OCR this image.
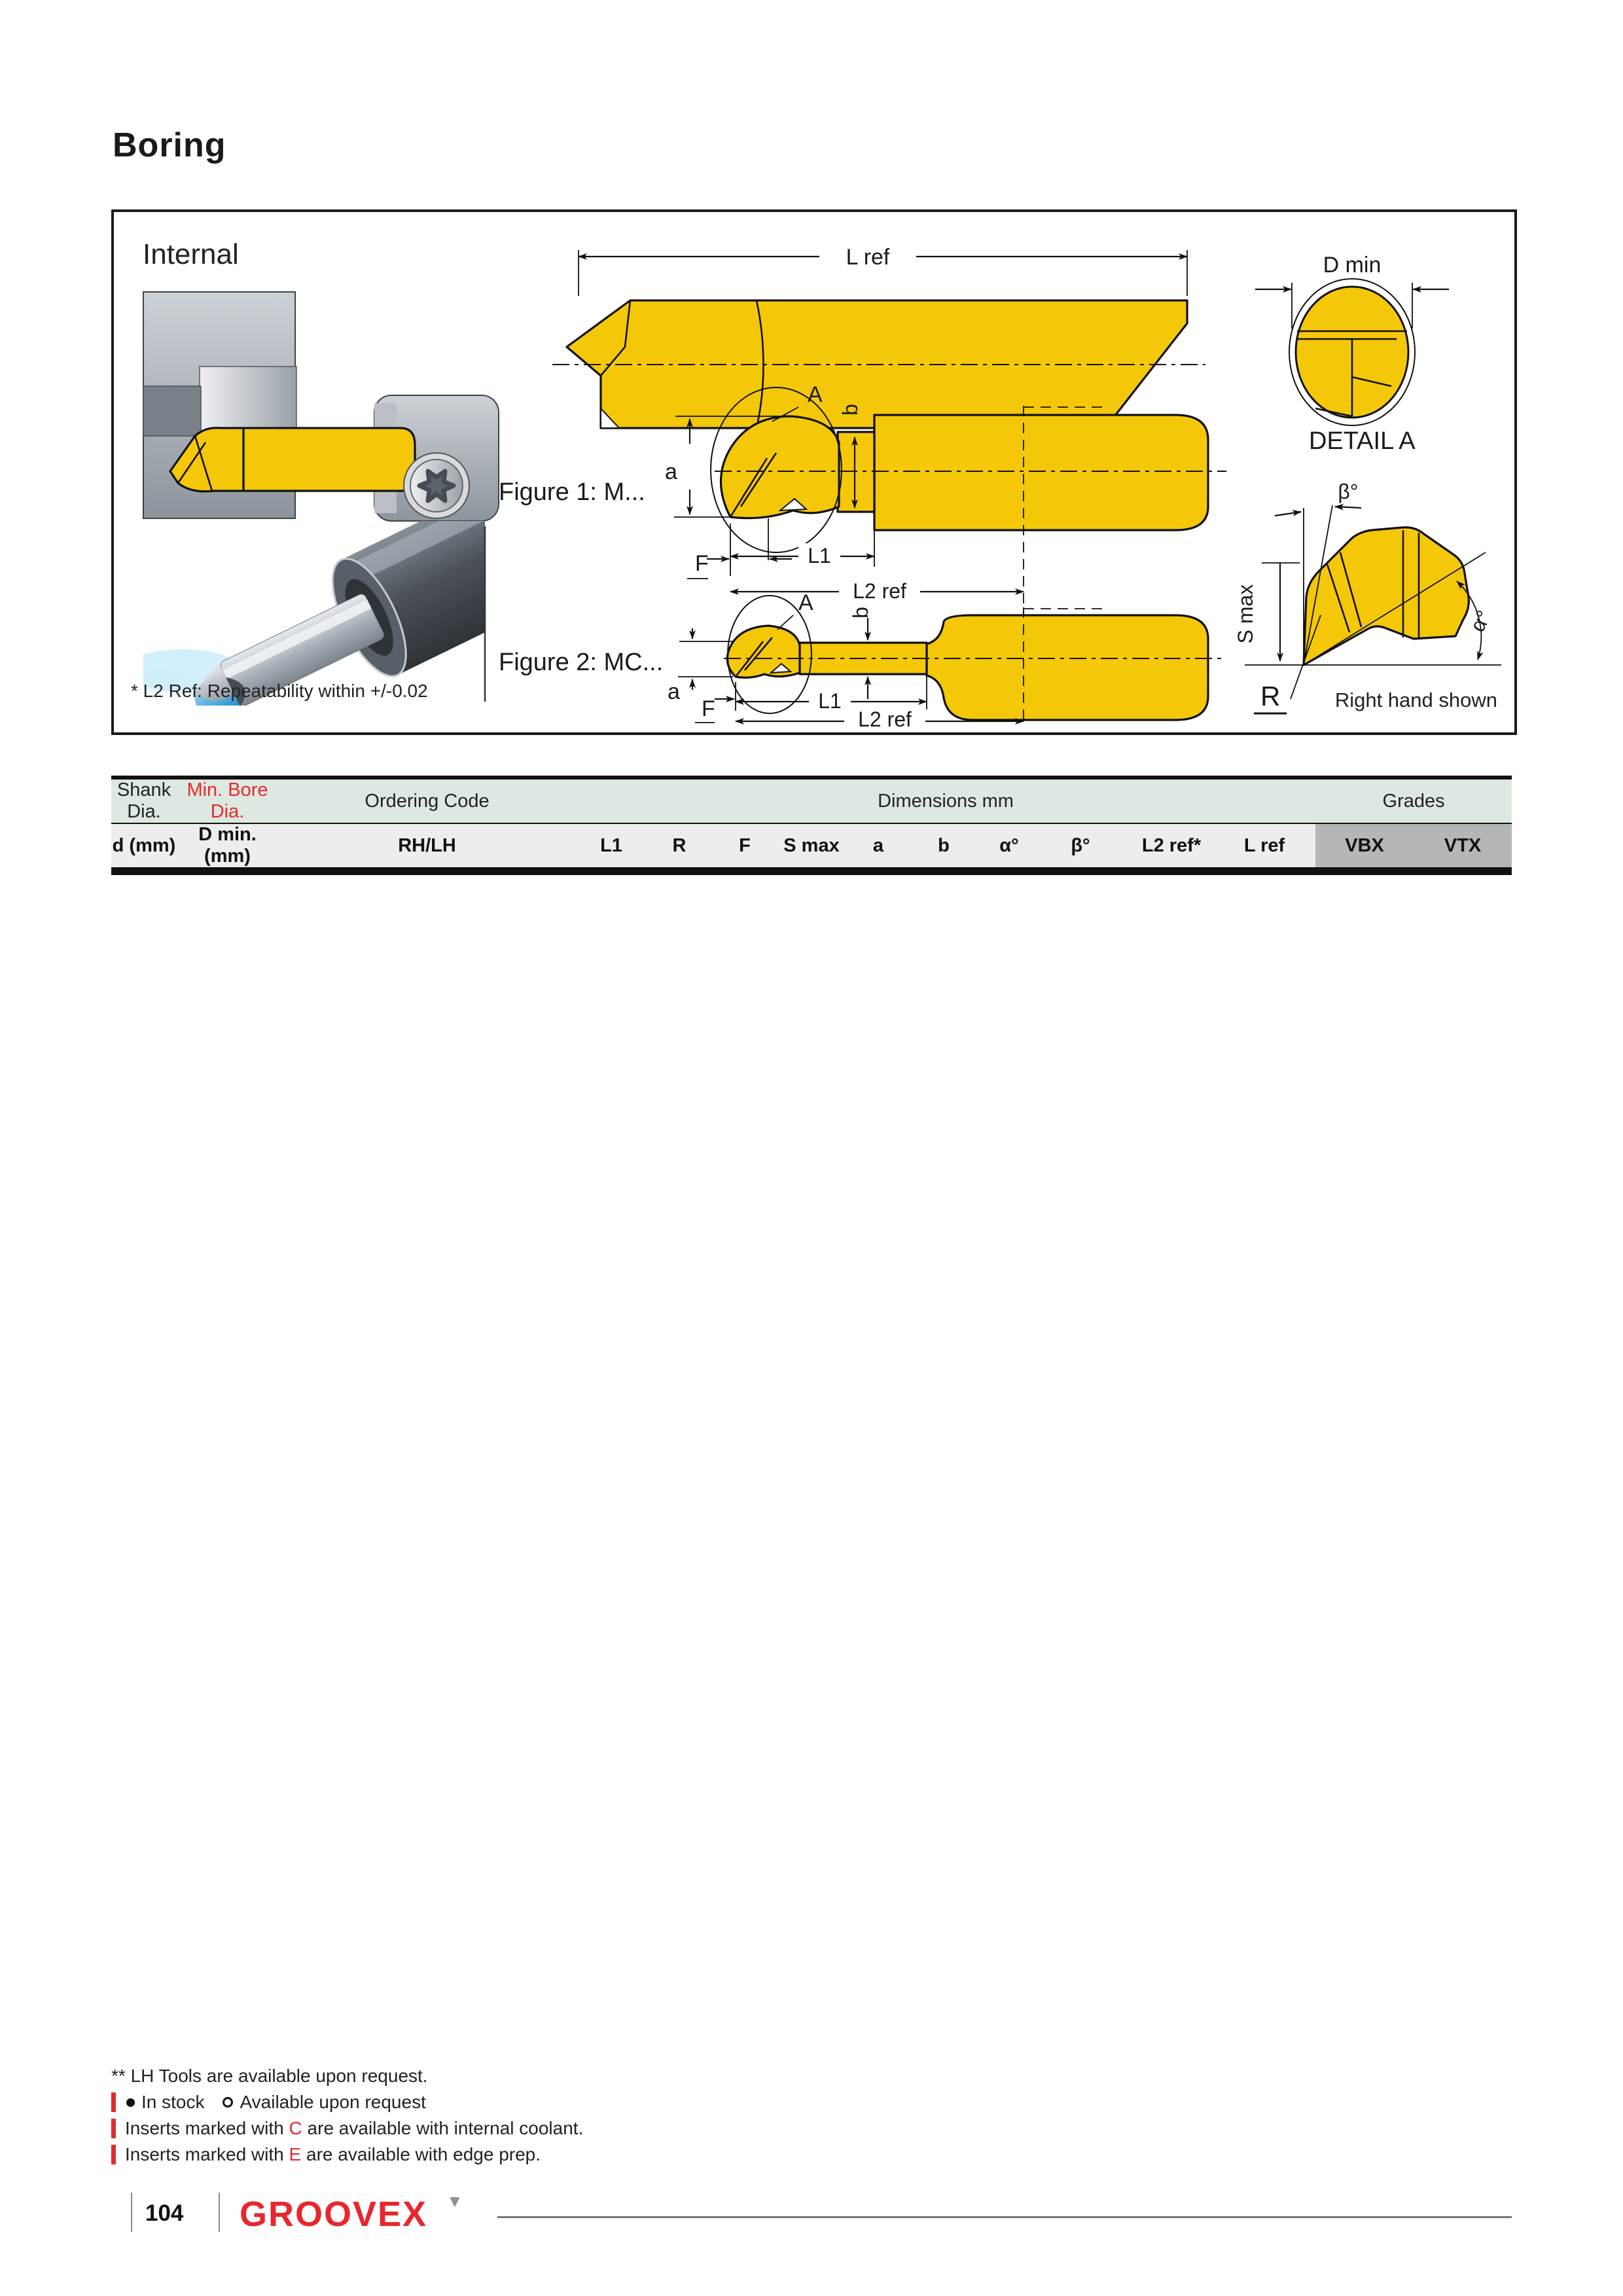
Boring
L ref	D min
Figure 1: M...
A
b
a
F	L1
L2 ref
Figure 2: MC...
A b
a
F	L1
L2 ref
DETAIL A
β°
S max	α°
R
Internal
* L2 Ref: Repeatability within +/-0.02	Right hand shown
Shank Dia.	Min. Bore Dia.	Ordering Code	Dimensions mm											Grades	
d (mm)	D min. (mm)	RH/LH	L1	R	F	S max	a	b	α°	β°	L2 ref*	L ref		VBX	VTX
** LH Tools are available upon request.
In stock Available upon request
Inserts marked with C are available with internal coolant.
Inserts marked with E are available with edge prep.
104 GROOVEX ▼
